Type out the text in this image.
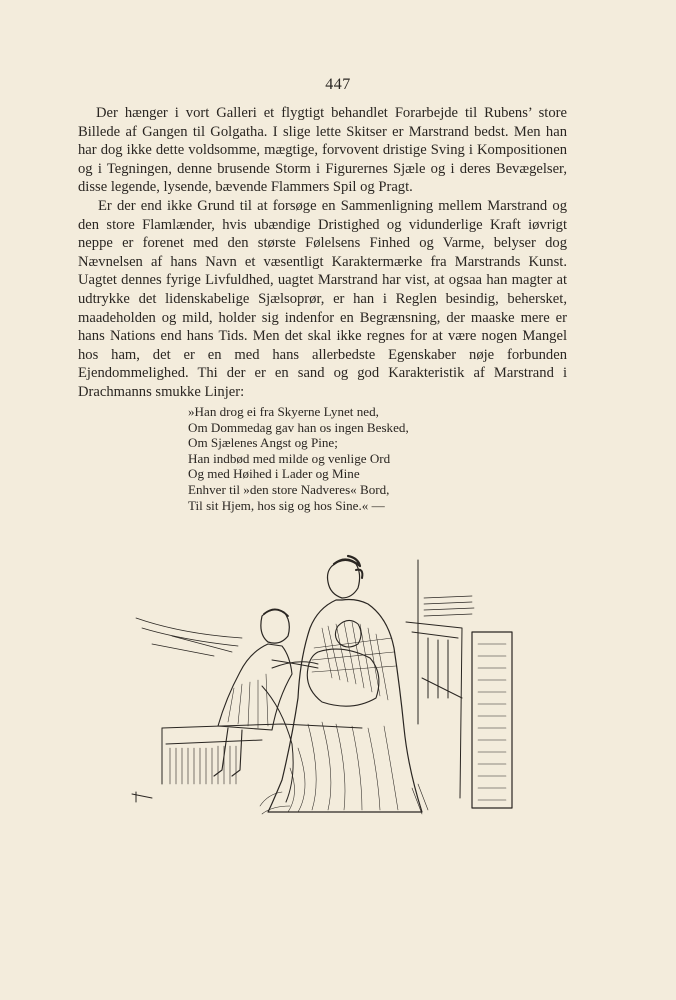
447

Der hænger i vort Galleri et flygtigt behandlet Forarbejde til Rubens’ store Billede af Gangen til Golgatha. I slige lette Skitser er Marstrand bedst. Men han har dog ikke dette voldsomme, mægtige, forvovent dristige Sving i Kompositionen og i Tegningen, denne brusende Storm i Figurernes Sjæle og i deres Bevægelser, disse legende, lysende, bævende Flammers Spil og Pragt.

Er der end ikke Grund til at forsøge en Sammenligning mellem Marstrand og den store Flamlænder, hvis ubændige Dristighed og vidunderlige Kraft iøvrigt neppe er forenet med den største Følelsens Finhed og Varme, belyser dog Nævnelsen af hans Navn et væsentligt Karaktermærke fra Marstrands Kunst. Uagtet dennes fyrige Livfuldhed, uagtet Marstrand har vist, at ogsaa han magter at udtrykke det lidenskabelige Sjælsoprør, er han i Reglen besindig, behersket, maadeholden og mild, holder sig indenfor en Begrænsning, der maaske mere er hans Nations end hans Tids. Men det skal ikke regnes for at være nogen Mangel hos ham, det er en med hans allerbedste Egenskaber nøje forbunden Ejendommelighed. Thi der er en sand og god Karakteristik af Marstrand i Drachmanns smukke Linjer:

»Han drog ei fra Skyerne Lynet ned,
Om Dommedag gav han os ingen Besked,
Om Sjælenes Angst og Pine;
Han indbød med milde og venlige Ord
Og med Høihed i Lader og Mine
Enhver til »den store Nadveres« Bord,
Til sit Hjem, hos sig og hos Sine.« —
